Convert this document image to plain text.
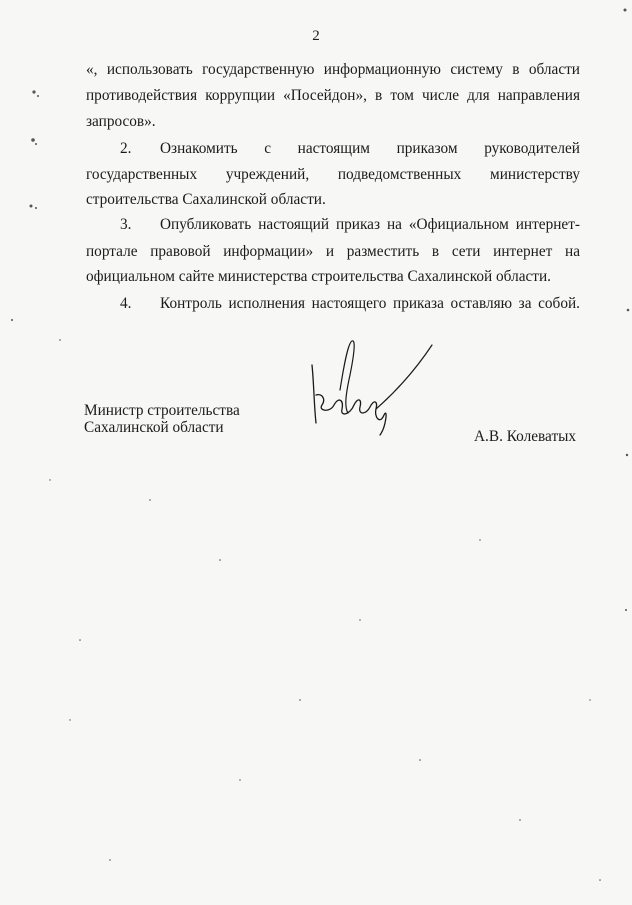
2
«, использовать государственную информационную систему в области
противодействия коррупции «Посейдон», в том числе для направления
запросов».
2. Ознакомить с настоящим приказом руководителей
государственных учреждений, подведомственных министерству
строительства Сахалинской области.
3. Опубликовать настоящий приказ на «Официальном интернет-
портале правовой информации» и разместить в сети интернет на
официальном сайте министерства строительства Сахалинской области.
4. Контроль исполнения настоящего приказа оставляю за собой.
Министр строительства
Сахалинской области
А.В. Колеватых
